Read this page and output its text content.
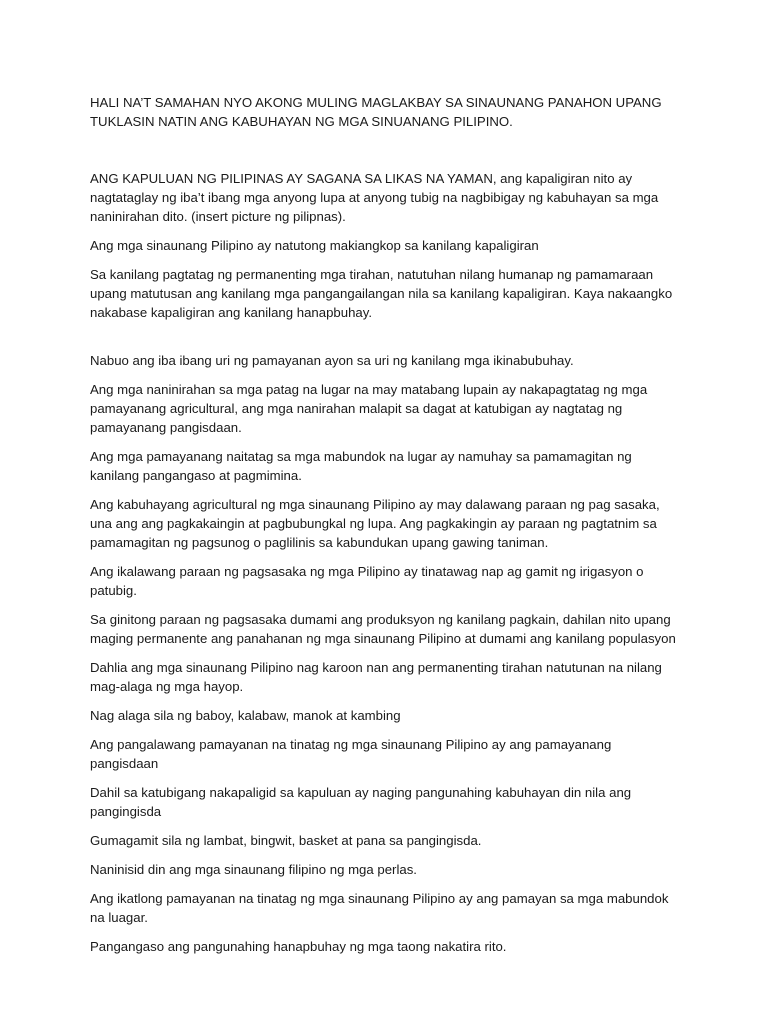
HALI NA’T SAMAHAN NYO AKONG MULING MAGLAKBAY SA SINAUNANG PANAHON UPANG TUKLASIN NATIN ANG KABUHAYAN NG MGA SINUANANG PILIPINO.

ANG KAPULUAN NG PILIPINAS AY SAGANA SA LIKAS NA YAMAN, ang kapaligiran nito ay nagtataglay ng iba’t ibang mga anyong lupa at anyong tubig na nagbibigay ng kabuhayan sa mga naninirahan dito. (insert picture ng pilipnas).

Ang mga sinaunang Pilipino ay natutong makiangkop sa kanilang kapaligiran

Sa kanilang pagtatag ng permanenting mga tirahan, natutuhan nilang humanap ng pamamaraan upang matutusan ang kanilang mga pangangailangan nila sa kanilang kapaligiran. Kaya nakaangko nakabase kapaligiran ang kanilang hanapbuhay.

Nabuo ang iba ibang uri ng pamayanan ayon sa uri ng kanilang mga ikinabubuhay.

Ang mga naninirahan sa mga patag na lugar na may matabang lupain ay nakapagtatag ng mga pamayanang agricultural, ang mga nanirahan malapit sa dagat at katubigan ay nagtatag ng pamayanang pangisdaan.

Ang mga pamayanang naitatag sa mga mabundok na lugar ay namuhay sa pamamagitan ng kanilang pangangaso at pagmimina.

Ang kabuhayang agricultural ng mga sinaunang Pilipino ay may dalawang paraan ng pag sasaka, una ang ang pagkakaingin at pagbubungkal ng lupa. Ang pagkakingin ay paraan ng pagtatnim sa pamamagitan ng pagsunog o paglilinis sa kabundukan upang gawing taniman.

Ang ikalawang paraan ng pagsasaka ng mga Pilipino ay tinatawag nap ag gamit ng irigasyon o patubig.

Sa ginitong paraan ng pagsasaka dumami ang produksyon ng kanilang pagkain, dahilan nito upang maging permanente ang panahanan ng mga sinaunang Pilipino at dumami ang kanilang populasyon

Dahlia ang mga sinaunang Pilipino nag karoon nan ang permanenting tirahan natutunan na nilang mag-alaga ng mga hayop.

Nag alaga sila ng baboy, kalabaw, manok at kambing

Ang pangalawang pamayanan na tinatag ng mga sinaunang Pilipino ay ang pamayanang pangisdaan

Dahil sa katubigang nakapaligid sa kapuluan ay naging pangunahing kabuhayan din nila ang pangingisda

Gumagamit sila ng lambat, bingwit, basket at pana sa pangingisda.

Naninisid din ang mga sinaunang filipino ng mga perlas.

Ang ikatlong pamayanan na tinatag ng mga sinaunang Pilipino ay ang pamayan sa mga mabundok na luagar.

Pangangaso ang pangunahing hanapbuhay ng mga taong nakatira rito.
